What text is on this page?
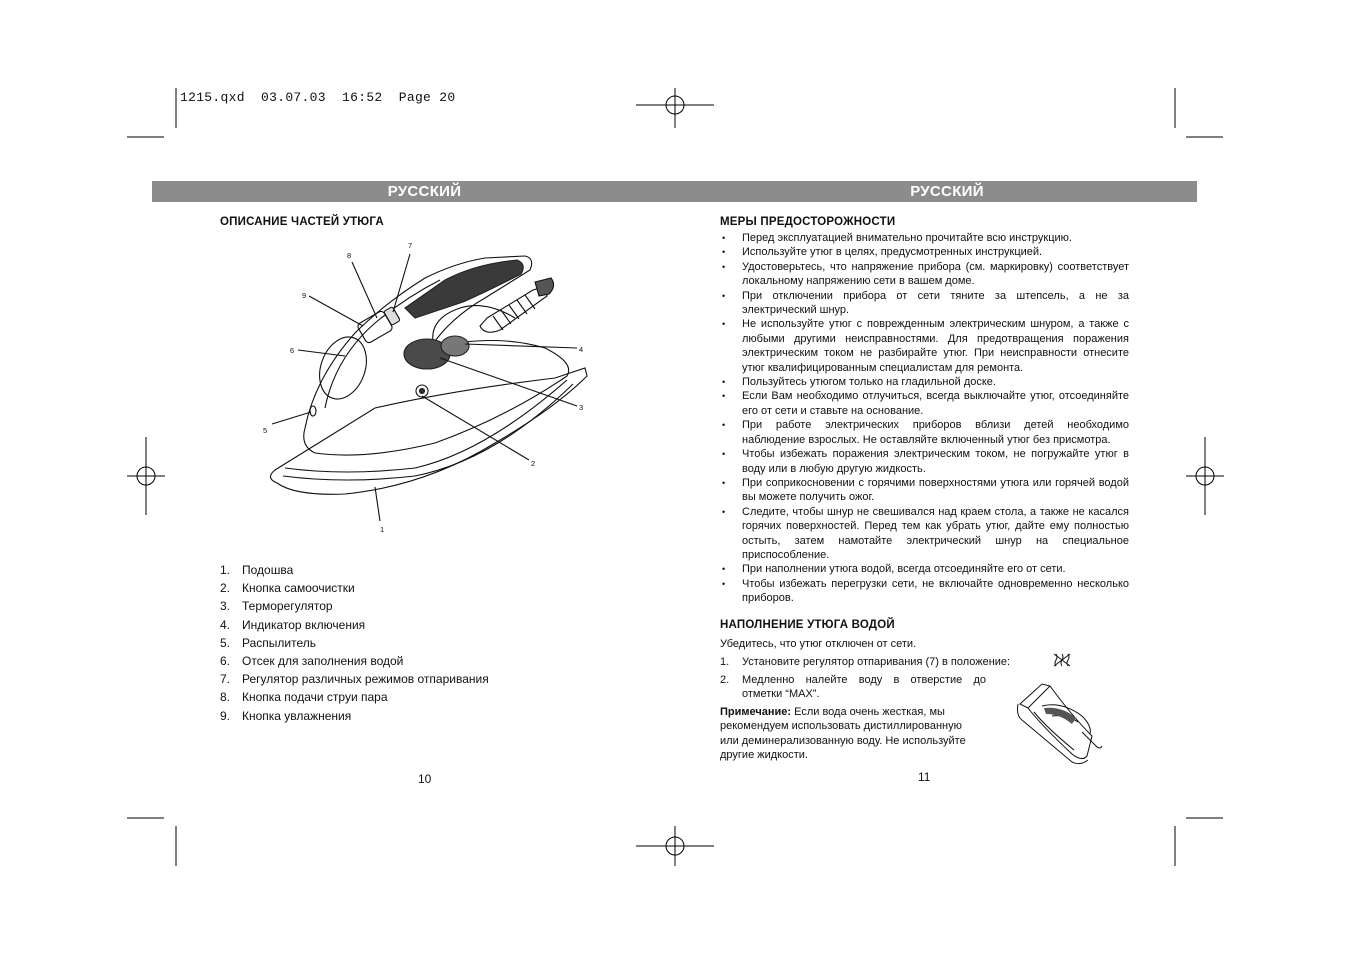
1215.qxd 03.07.03 16:52 Page 20
РУССКИЙ	РУССКИЙ
ОПИСАНИЕ ЧАСТЕЙ УТЮГА
1
2
3
4
5
6
7
8
9
1. Подошва
2. Кнопка самоочистки
3. Терморегулятор
4. Индикатор включения
5. Распылитель
6. Отсек для заполнения водой
7. Регулятор различных режимов отпаривания
8. Кнопка подачи струи пара
9. Кнопка увлажнения
10
МЕРЫ ПРЕДОСТОРОЖНОСТИ
• Перед эксплуатацией внимательно прочитайте всю инструкцию.
• Используйте утюг в целях, предусмотренных инструкцией.
• Удостоверьтесь, что напряжение прибора (см. маркировку) соответствует локальному напряжению сети в вашем доме.
• При отключении прибора от сети тяните за штепсель, а не за электрический шнур.
• Не используйте утюг с поврежденным электрическим шнуром, а также с любыми другими неисправностями. Для предотвращения поражения электрическим током не разбирайте утюг. При неисправности отнесите утюг квалифицированным специалистам для ремонта.
• Пользуйтесь утюгом только на гладильной доске.
• Если Вам необходимо отлучиться, всегда выключайте утюг, отсоединяйте его от сети и ставьте на основание.
• При работе электрических приборов вблизи детей необходимо наблюдение взрослых. Не оставляйте включенный утюг без присмотра.
• Чтобы избежать поражения электрическим током, не погружайте утюг в воду или в любую другую жидкость.
• При соприкосновении с горячими поверхностями утюга или горячей водой вы можете получить ожог.
• Следите, чтобы шнур не свешивался над краем стола, а также не касался горячих поверхностей. Перед тем как убрать утюг, дайте ему полностью остыть, затем намотайте электрический шнур на специальное приспособление.
• При наполнении утюга водой, всегда отсоединяйте его от сети.
• Чтобы избежать перегрузки сети, не включайте одновременно несколько приборов.
НАПОЛНЕНИЕ УТЮГА ВОДОЙ
Убедитесь, что утюг отключен от сети.
1. Установите регулятор отпаривания (7) в положение:
2.	Медленно налейте воду в отверстие до отметки “MAX”.
Примечание: Если вода очень жесткая, мы рекомендуем использовать дистиллированную или деминерализованную воду. Не используйте другие жидкости.
11
